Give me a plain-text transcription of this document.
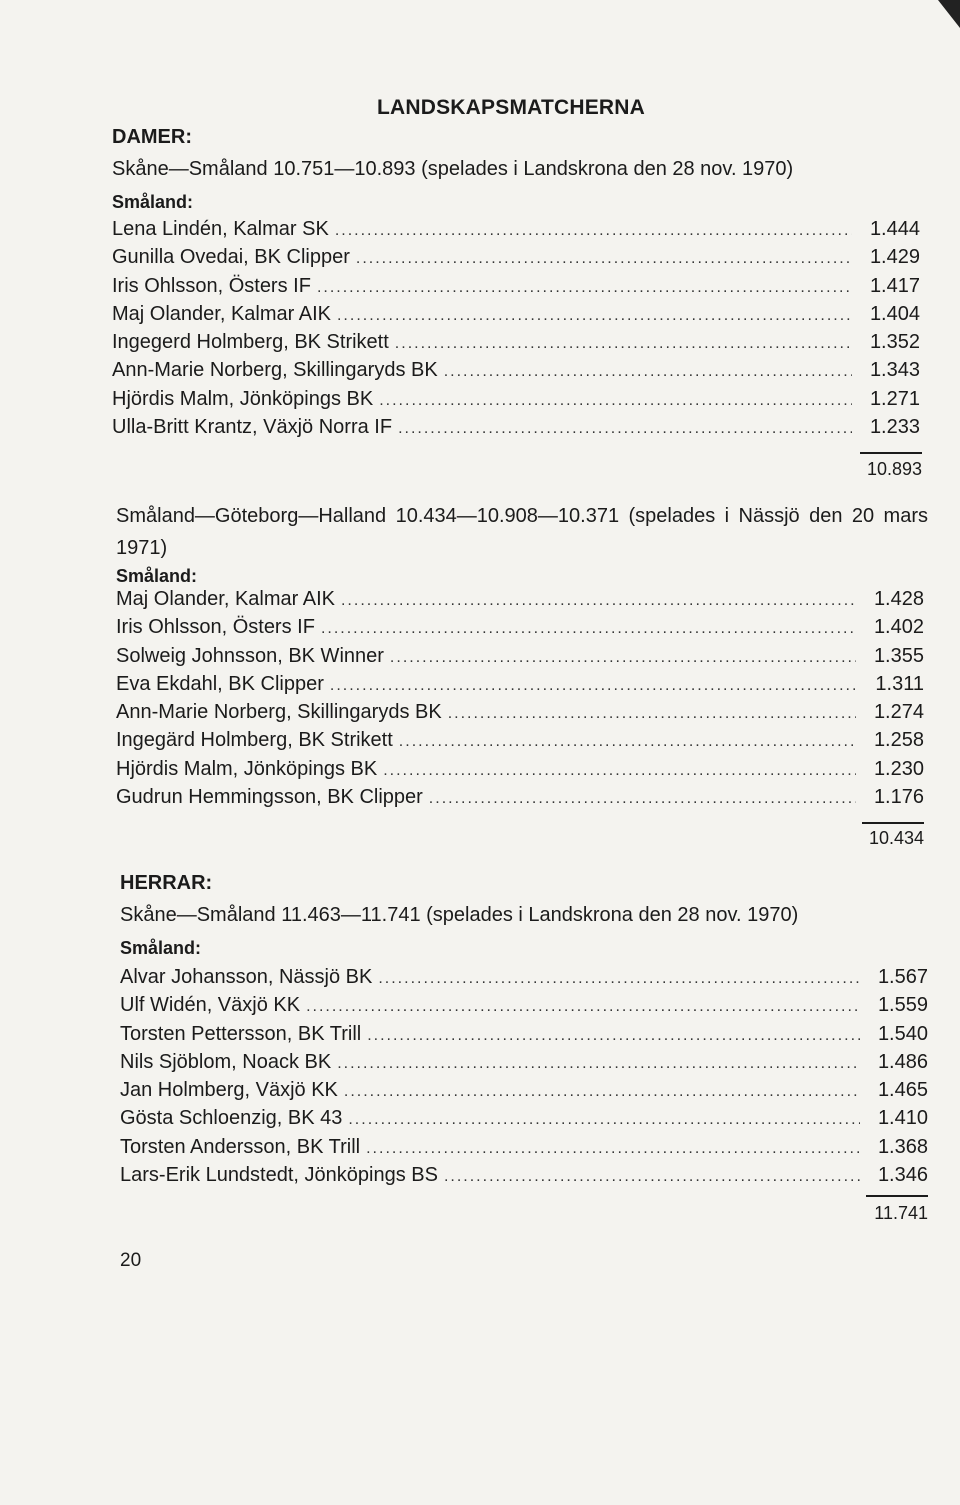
LANDSKAPSMATCHERNA
DAMER:
Skåne—Småland 10.751—10.893 (spelades i Landskrona den 28 nov. 1970)
Småland:
Lena Lindén, Kalmar SK .....	1.444
Gunilla Ovedai, BK Clipper .....	1.429
Iris Ohlsson, Östers IF .....	1.417
Maj Olander, Kalmar AIK .....	1.404
Ingegerd Holmberg, BK Strikett .....	1.352
Ann-Marie Norberg, Skillingaryds BK .....	1.343
Hjördis Malm, Jönköpings BK .....	1.271
Ulla-Britt Krantz, Växjö Norra IF .....	1.233
10.893
Småland—Göteborg—Halland 10.434—10.908—10.371 (spelades i Nässjö den 20 mars 1971)
Småland:
Maj Olander, Kalmar AIK .....	1.428
Iris Ohlsson, Östers IF .....	1.402
Solweig Johnsson, BK Winner .....	1.355
Eva Ekdahl, BK Clipper .....	1.311
Ann-Marie Norberg, Skillingaryds BK .....	1.274
Ingegärd Holmberg, BK Strikett .....	1.258
Hjördis Malm, Jönköpings BK .....	1.230
Gudrun Hemmingsson, BK Clipper .....	1.176
10.434
HERRAR:
Skåne—Småland 11.463—11.741 (spelades i Landskrona den 28 nov. 1970)
Småland:
Alvar Johansson, Nässjö BK .....	1.567
Ulf Widén, Växjö KK .....	1.559
Torsten Pettersson, BK Trill .....	1.540
Nils Sjöblom, Noack BK .....	1.486
Jan Holmberg, Växjö KK .....	1.465
Gösta Schloenzig, BK 43 .....	1.410
Torsten Andersson, BK Trill .....	1.368
Lars-Erik Lundstedt, Jönköpings BS .....	1.346
11.741
20
